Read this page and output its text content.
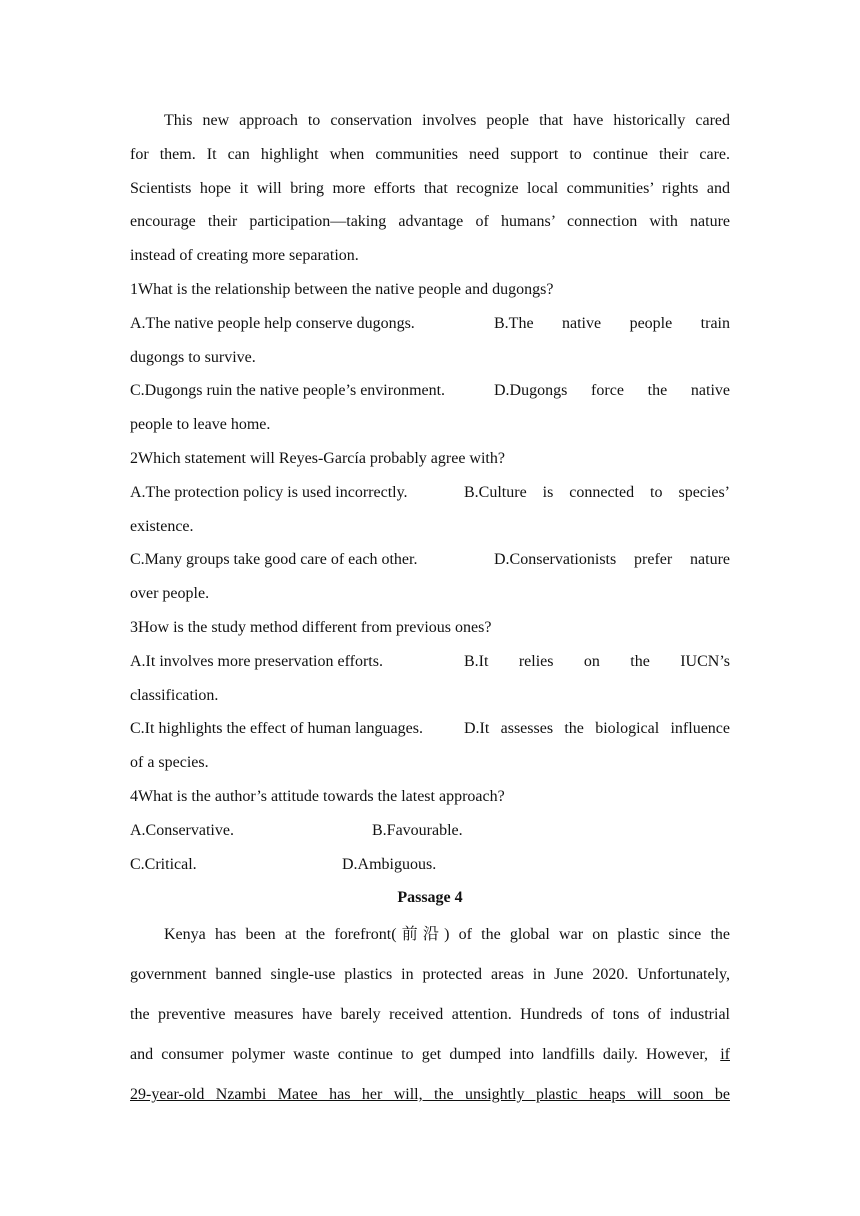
This new approach to conservation involves people that have historically cared
for them. It can highlight when communities need support to continue their care.
Scientists hope it will bring more efforts that recognize local communities’ rights and
encourage their participation—taking advantage of humans’ connection with nature
instead of creating more separation.
1What is the relationship between the native people and dugongs?
A.The native people help conserve dugongs.	B.The native people train
dugongs to survive.
C.Dugongs ruin the native people’s environment.	D.Dugongs force the native
people to leave home.
2Which statement will Reyes-García probably agree with?
A.The protection policy is used incorrectly.	B.Culture is connected to species’
existence.
C.Many groups take good care of each other.	D.Conservationists prefer nature
over people.
3How is the study method different from previous ones?
A.It involves more preservation efforts.	B.It relies on the IUCN’s
classification.
C.It highlights the effect of human languages.	D.It assesses the biological influence
of a species.
4What is the author’s attitude towards the latest approach?
A.Conservative.	B.Favourable.
C.Critical.	D.Ambiguous.
Passage 4
Kenya has been at the forefront(前沿) of the global war on plastic since the
government banned single-use plastics in protected areas in June 2020. Unfortunately,
the preventive measures have barely received attention. Hundreds of tons of industrial
and consumer polymer waste continue to get dumped into landfills daily. However, if
29-year-old Nzambi Matee has her will, the unsightly plastic heaps will soon be
